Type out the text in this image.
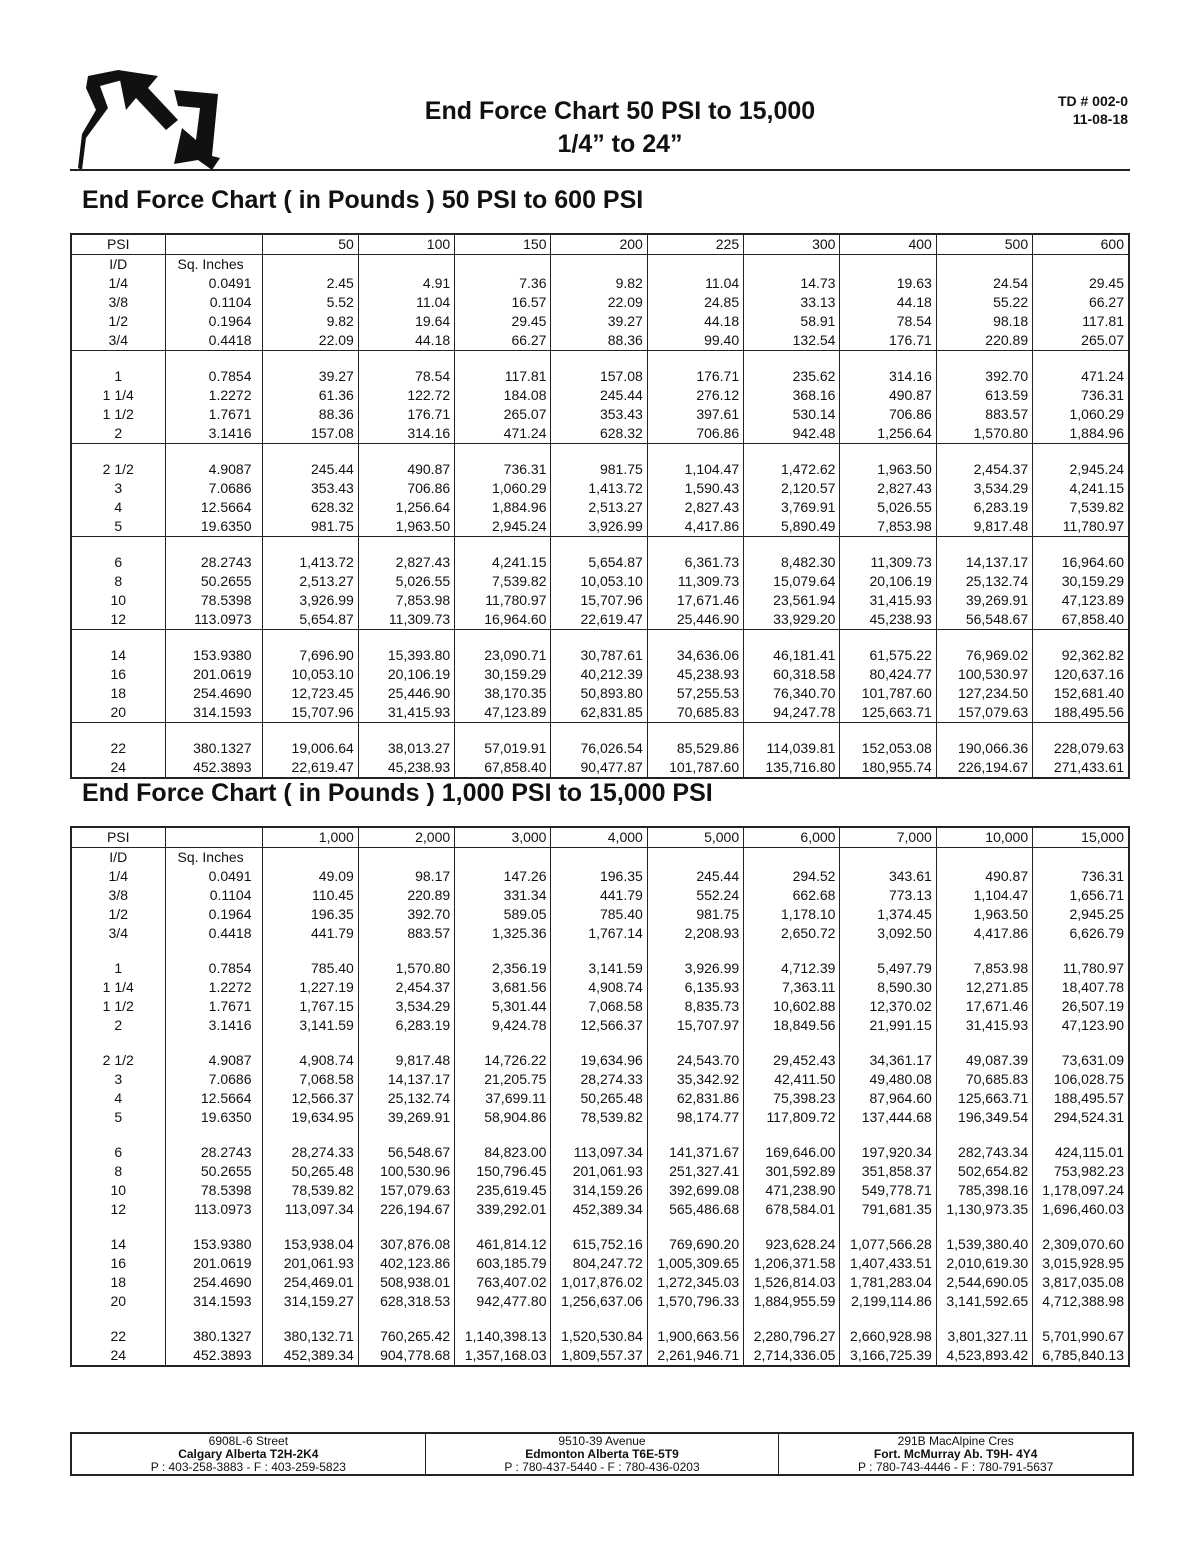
End Force Chart 50 PSI to 15,000
1/4” to 24”
TD # 002-0
11-08-18
End Force Chart ( in Pounds ) 50 PSI to 600 PSI
PSI		50	100	150	200	225	300	400	500	600
I/D	Sq. Inches									
1/4	0.0491	2.45	4.91	7.36	9.82	11.04	14.73	19.63	24.54	29.45
3/8	0.1104	5.52	11.04	16.57	22.09	24.85	33.13	44.18	55.22	66.27
1/2	0.1964	9.82	19.64	29.45	39.27	44.18	58.91	78.54	98.18	117.81
3/4	0.4418	22.09	44.18	66.27	88.36	99.40	132.54	176.71	220.89	265.07

1	0.7854	39.27	78.54	117.81	157.08	176.71	235.62	314.16	392.70	471.24
1 1/4	1.2272	61.36	122.72	184.08	245.44	276.12	368.16	490.87	613.59	736.31
1 1/2	1.7671	88.36	176.71	265.07	353.43	397.61	530.14	706.86	883.57	1,060.29
2	3.1416	157.08	314.16	471.24	628.32	706.86	942.48	1,256.64	1,570.80	1,884.96

2 1/2	4.9087	245.44	490.87	736.31	981.75	1,104.47	1,472.62	1,963.50	2,454.37	2,945.24
3	7.0686	353.43	706.86	1,060.29	1,413.72	1,590.43	2,120.57	2,827.43	3,534.29	4,241.15
4	12.5664	628.32	1,256.64	1,884.96	2,513.27	2,827.43	3,769.91	5,026.55	6,283.19	7,539.82
5	19.6350	981.75	1,963.50	2,945.24	3,926.99	4,417.86	5,890.49	7,853.98	9,817.48	11,780.97

6	28.2743	1,413.72	2,827.43	4,241.15	5,654.87	6,361.73	8,482.30	11,309.73	14,137.17	16,964.60
8	50.2655	2,513.27	5,026.55	7,539.82	10,053.10	11,309.73	15,079.64	20,106.19	25,132.74	30,159.29
10	78.5398	3,926.99	7,853.98	11,780.97	15,707.96	17,671.46	23,561.94	31,415.93	39,269.91	47,123.89
12	113.0973	5,654.87	11,309.73	16,964.60	22,619.47	25,446.90	33,929.20	45,238.93	56,548.67	67,858.40

14	153.9380	7,696.90	15,393.80	23,090.71	30,787.61	34,636.06	46,181.41	61,575.22	76,969.02	92,362.82
16	201.0619	10,053.10	20,106.19	30,159.29	40,212.39	45,238.93	60,318.58	80,424.77	100,530.97	120,637.16
18	254.4690	12,723.45	25,446.90	38,170.35	50,893.80	57,255.53	76,340.70	101,787.60	127,234.50	152,681.40
20	314.1593	15,707.96	31,415.93	47,123.89	62,831.85	70,685.83	94,247.78	125,663.71	157,079.63	188,495.56

22	380.1327	19,006.64	38,013.27	57,019.91	76,026.54	85,529.86	114,039.81	152,053.08	190,066.36	228,079.63
24	452.3893	22,619.47	45,238.93	67,858.40	90,477.87	101,787.60	135,716.80	180,955.74	226,194.67	271,433.61
End Force Chart ( in Pounds ) 1,000 PSI to 15,000 PSI
PSI		1,000	2,000	3,000	4,000	5,000	6,000	7,000	10,000	15,000
I/D	Sq. Inches									
1/4	0.0491	49.09	98.17	147.26	196.35	245.44	294.52	343.61	490.87	736.31
3/8	0.1104	110.45	220.89	331.34	441.79	552.24	662.68	773.13	1,104.47	1,656.71
1/2	0.1964	196.35	392.70	589.05	785.40	981.75	1,178.10	1,374.45	1,963.50	2,945.25
3/4	0.4418	441.79	883.57	1,325.36	1,767.14	2,208.93	2,650.72	3,092.50	4,417.86	6,626.79

1	0.7854	785.40	1,570.80	2,356.19	3,141.59	3,926.99	4,712.39	5,497.79	7,853.98	11,780.97
1 1/4	1.2272	1,227.19	2,454.37	3,681.56	4,908.74	6,135.93	7,363.11	8,590.30	12,271.85	18,407.78
1 1/2	1.7671	1,767.15	3,534.29	5,301.44	7,068.58	8,835.73	10,602.88	12,370.02	17,671.46	26,507.19
2	3.1416	3,141.59	6,283.19	9,424.78	12,566.37	15,707.97	18,849.56	21,991.15	31,415.93	47,123.90

2 1/2	4.9087	4,908.74	9,817.48	14,726.22	19,634.96	24,543.70	29,452.43	34,361.17	49,087.39	73,631.09
3	7.0686	7,068.58	14,137.17	21,205.75	28,274.33	35,342.92	42,411.50	49,480.08	70,685.83	106,028.75
4	12.5664	12,566.37	25,132.74	37,699.11	50,265.48	62,831.86	75,398.23	87,964.60	125,663.71	188,495.57
5	19.6350	19,634.95	39,269.91	58,904.86	78,539.82	98,174.77	117,809.72	137,444.68	196,349.54	294,524.31

6	28.2743	28,274.33	56,548.67	84,823.00	113,097.34	141,371.67	169,646.00	197,920.34	282,743.34	424,115.01
8	50.2655	50,265.48	100,530.96	150,796.45	201,061.93	251,327.41	301,592.89	351,858.37	502,654.82	753,982.23
10	78.5398	78,539.82	157,079.63	235,619.45	314,159.26	392,699.08	471,238.90	549,778.71	785,398.16	1,178,097.24
12	113.0973	113,097.34	226,194.67	339,292.01	452,389.34	565,486.68	678,584.01	791,681.35	1,130,973.35	1,696,460.03

14	153.9380	153,938.04	307,876.08	461,814.12	615,752.16	769,690.20	923,628.24	1,077,566.28	1,539,380.40	2,309,070.60
16	201.0619	201,061.93	402,123.86	603,185.79	804,247.72	1,005,309.65	1,206,371.58	1,407,433.51	2,010,619.30	3,015,928.95
18	254.4690	254,469.01	508,938.01	763,407.02	1,017,876.02	1,272,345.03	1,526,814.03	1,781,283.04	2,544,690.05	3,817,035.08
20	314.1593	314,159.27	628,318.53	942,477.80	1,256,637.06	1,570,796.33	1,884,955.59	2,199,114.86	3,141,592.65	4,712,388.98

22	380.1327	380,132.71	760,265.42	1,140,398.13	1,520,530.84	1,900,663.56	2,280,796.27	2,660,928.98	3,801,327.11	5,701,990.67
24	452.3893	452,389.34	904,778.68	1,357,168.03	1,809,557.37	2,261,946.71	2,714,336.05	3,166,725.39	4,523,893.42	6,785,840.13
6908L-6 Street
Calgary Alberta T2H-2K4
P : 403-258-3883 - F : 403-259-5823
9510-39 Avenue
Edmonton Alberta T6E-5T9
P : 780-437-5440 - F : 780-436-0203
291B MacAlpine Cres
Fort. McMurray Ab. T9H- 4Y4
P : 780-743-4446 - F : 780-791-5637
